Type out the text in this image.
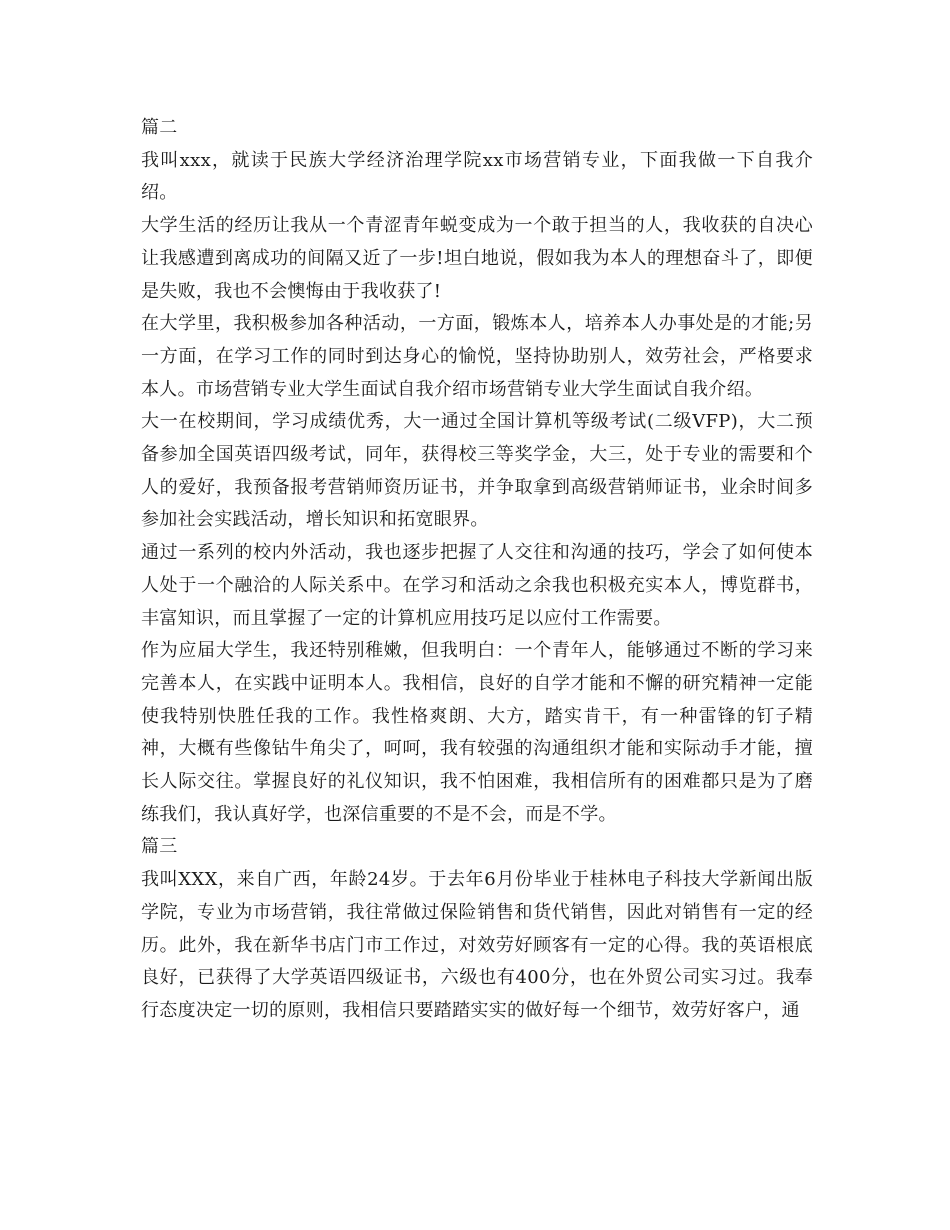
篇二

我叫xxx，就读于民族大学经济治理学院xx市场营销专业，下面我做一下自我介绍。

大学生活的经历让我从一个青涩青年蜕变成为一个敢于担当的人，我收获的自决心让我感遭到离成功的间隔又近了一步!坦白地说，假如我为本人的理想奋斗了，即便是失败，我也不会懊悔由于我收获了!

在大学里，我积极参加各种活动，一方面，锻炼本人，培养本人办事处是的才能;另一方面，在学习工作的同时到达身心的愉悦，坚持协助别人，效劳社会，严格要求本人。市场营销专业大学生面试自我介绍市场营销专业大学生面试自我介绍。

大一在校期间，学习成绩优秀，大一通过全国计算机等级考试(二级VFP)，大二预备参加全国英语四级考试，同年，获得校三等奖学金，大三，处于专业的需要和个人的爱好，我预备报考营销师资历证书，并争取拿到高级营销师证书，业余时间多参加社会实践活动，增长知识和拓宽眼界。

通过一系列的校内外活动，我也逐步把握了人交往和沟通的技巧，学会了如何使本人处于一个融洽的人际关系中。在学习和活动之余我也积极充实本人，博览群书，丰富知识，而且掌握了一定的计算机应用技巧足以应付工作需要。

作为应届大学生，我还特别稚嫩，但我明白：一个青年人，能够通过不断的学习来完善本人，在实践中证明本人。我相信，良好的自学才能和不懈的研究精神一定能使我特别快胜任我的工作。我性格爽朗、大方，踏实肯干，有一种雷锋的钉子精神，大概有些像钻牛角尖了，呵呵，我有较强的沟通组织才能和实际动手才能，擅长人际交往。掌握良好的礼仪知识，我不怕困难，我相信所有的困难都只是为了磨练我们，我认真好学，也深信重要的不是不会，而是不学。

篇三

我叫XXX，来自广西，年龄24岁。于去年6月份毕业于桂林电子科技大学新闻出版学院，专业为市场营销，我往常做过保险销售和货代销售，因此对销售有一定的经历。此外，我在新华书店门市工作过，对效劳好顾客有一定的心得。我的英语根底良好，已获得了大学英语四级证书，六级也有400分，也在外贸公司实习过。我奉行态度决定一切的原则，我相信只要踏踏实实的做好每一个细节，效劳好客户，通
